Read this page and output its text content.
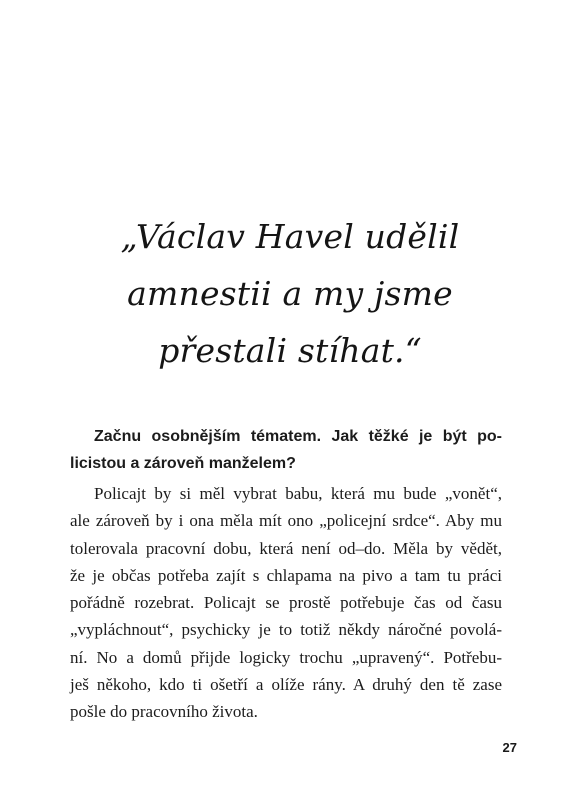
„Václav Havel udělil
amnestii a my jsme
přestali stíhat.“
Začnu osobnějším tématem. Jak těžké je být po-
licistou a zároveň manželem?
Policajt by si měl vybrat babu, která mu bude „vonět“,
ale zároveň by i ona měla mít ono „policejní srdce“. Aby mu
tolerovala pracovní dobu, která není od–do. Měla by vědět,
že je občas potřeba zajít s chlapama na pivo a tam tu práci
pořádně rozebrat. Policajt se prostě potřebuje čas od času
„vypláchnout“, psychicky je to totiž někdy náročné povolá-
ní. No a domů přijde logicky trochu „upravený“. Potřebu-
ješ někoho, kdo ti ošetří a olíže rány. A druhý den tě zase
pošle do pracovního života.
27
